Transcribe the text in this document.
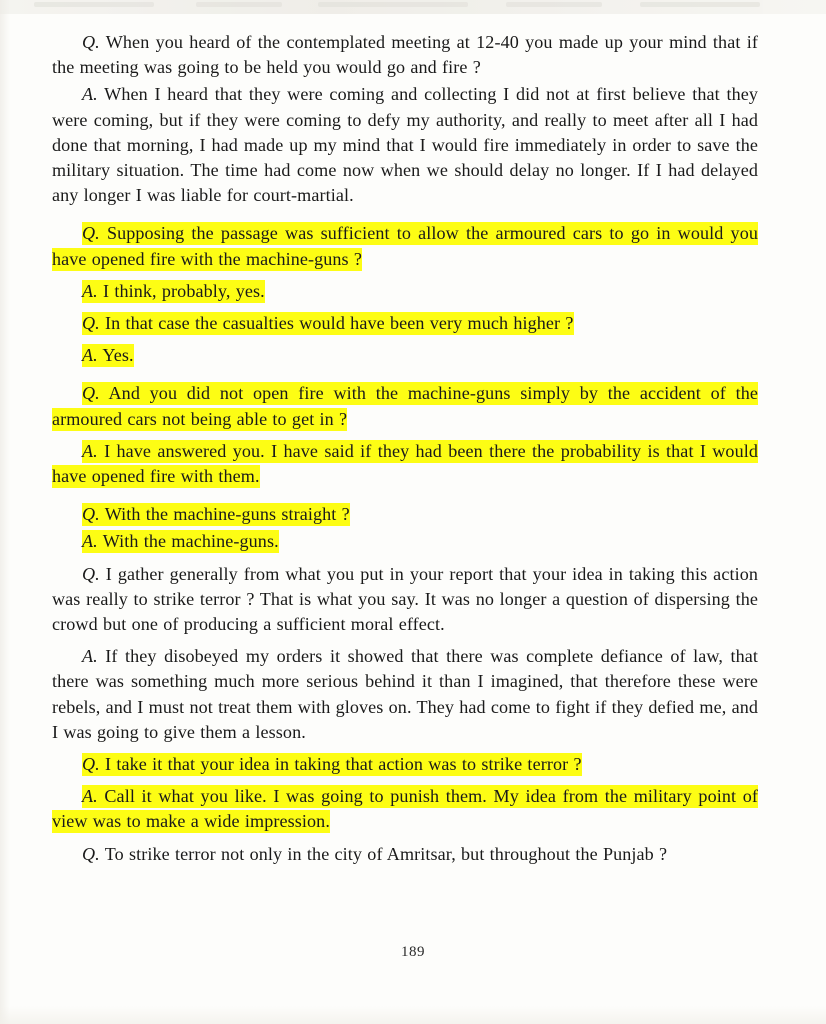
Q. When you heard of the contemplated meeting at 12-40 you made up your mind that if the meeting was going to be held you would go and fire ?

A. When I heard that they were coming and collecting I did not at first believe that they were coming, but if they were coming to defy my authority, and really to meet after all I had done that morning, I had made up my mind that I would fire immediately in order to save the military situation. The time had come now when we should delay no longer. If I had delayed any longer I was liable for court-martial.

Q. Supposing the passage was sufficient to allow the armoured cars to go in would you have opened fire with the machine-guns ?

A. I think, probably, yes.

Q. In that case the casualties would have been very much higher ?

A. Yes.

Q. And you did not open fire with the machine-guns simply by the accident of the armoured cars not being able to get in ?

A. I have answered you. I have said if they had been there the probability is that I would have opened fire with them.

Q. With the machine-guns straight ?

A. With the machine-guns.

Q. I gather generally from what you put in your report that your idea in taking this action was really to strike terror ? That is what you say. It was no longer a question of dispersing the crowd but one of producing a sufficient moral effect.

A. If they disobeyed my orders it showed that there was complete defiance of law, that there was something much more serious behind it than I imagined, that therefore these were rebels, and I must not treat them with gloves on. They had come to fight if they defied me, and I was going to give them a lesson.

Q. I take it that your idea in taking that action was to strike terror ?

A. Call it what you like. I was going to punish them. My idea from the military point of view was to make a wide impression.

Q. To strike terror not only in the city of Amritsar, but throughout the Punjab ?

189
